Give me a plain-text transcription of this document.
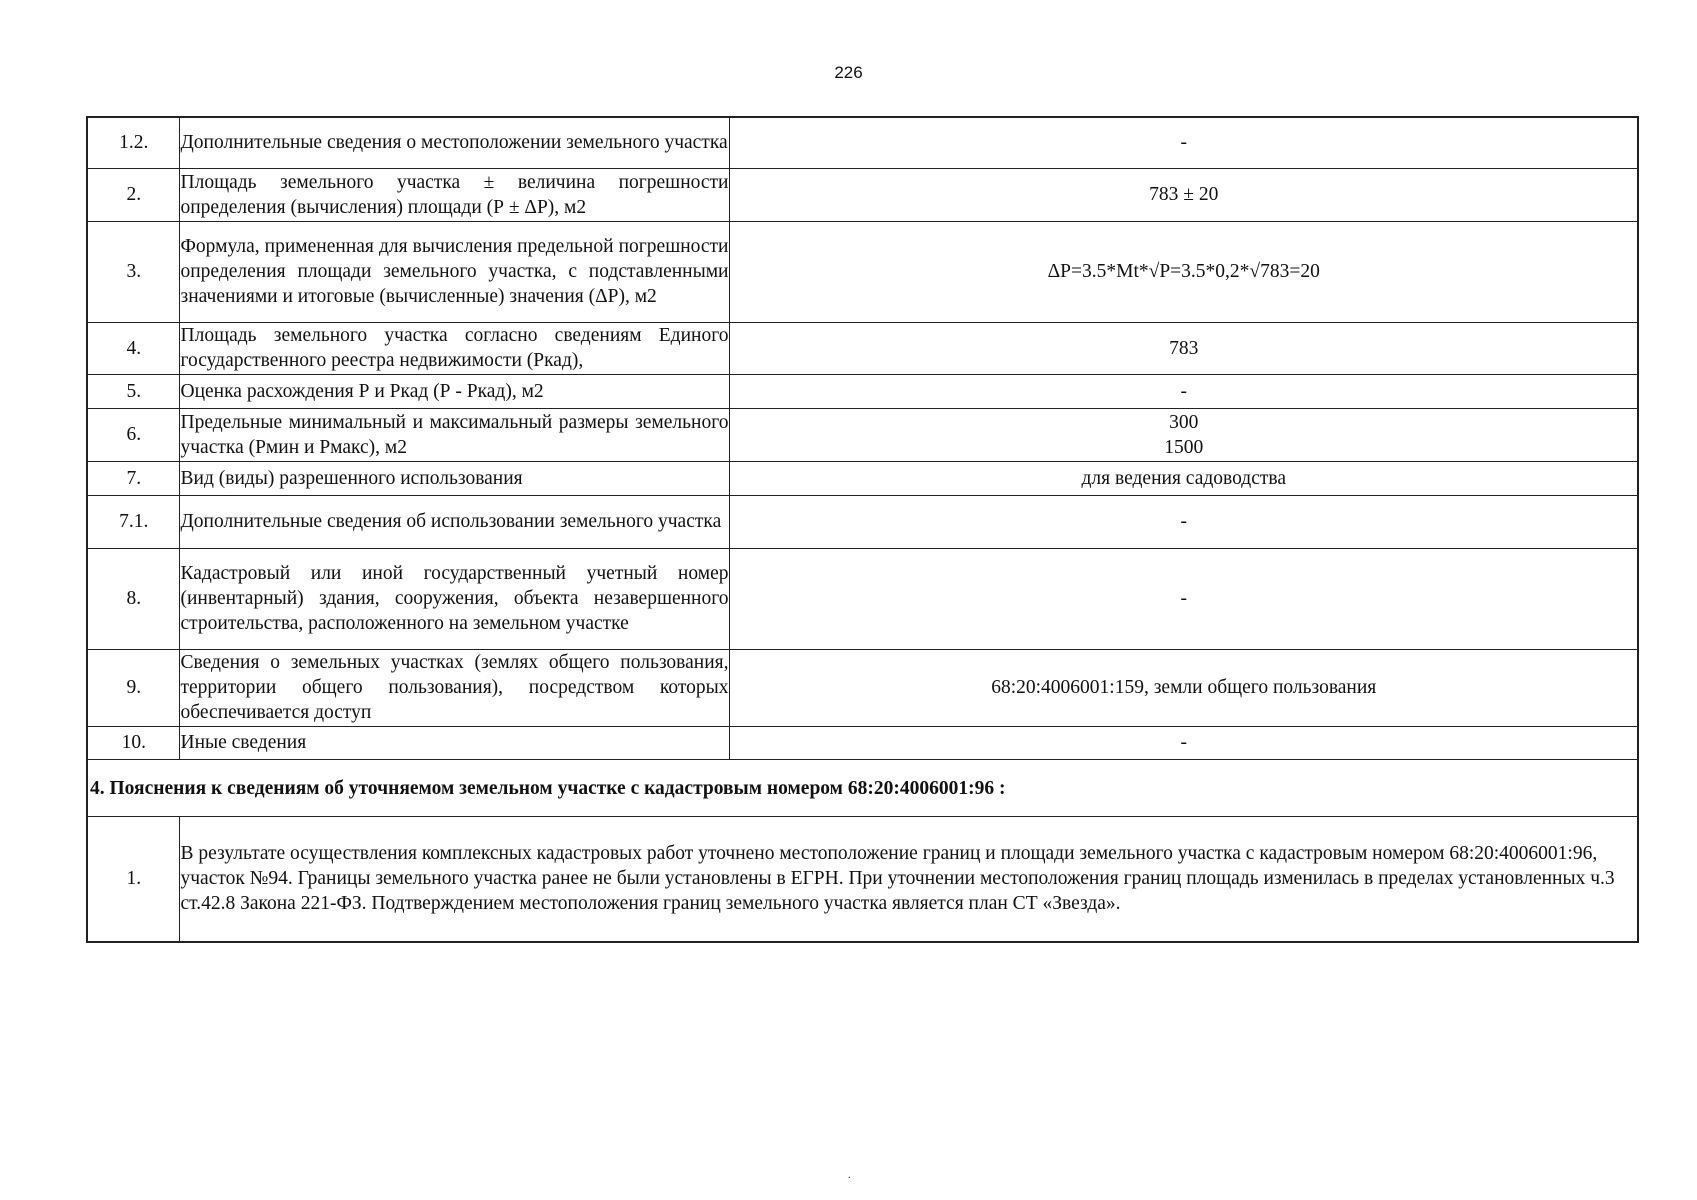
226
1.2.	Дополнительные сведения о местоположении земельного участка	-

2.	Площадь земельного участка ± величина погрешности определения (вычисления) площади (Р ± ΔР), м2	783 ± 20

3.	Формула, примененная для вычисления предельной погрешности определения площади земельного участка, с подставленными значениями и итоговые (вычисленные) значения (ΔР), м2	ΔР=3.5*Mt*√Р=3.5*0,2*√783=20

4.	Площадь земельного участка согласно сведениям Единого государственного реестра недвижимости (Ркад),	783

5.	Оценка расхождения Р и Ркад (Р - Ркад), м2	-

6.	Предельные минимальный и максимальный размеры земельного участка (Рмин и Рмакс), м2	300
1500

7.	Вид (виды) разрешенного использования	для ведения садоводства

7.1.	Дополнительные сведения об использовании земельного участка	-

8.	Кадастровый или иной государственный учетный номер (инвентарный) здания, сооружения, объекта незавершенного строительства, расположенного на земельном участке	-

9.	Сведения о земельных участках (землях общего пользования, территории общего пользования), посредством которых обеспечивается доступ	68:20:4006001:159, земли общего пользования

10.	Иные сведения	-

4. Пояснения к сведениям об уточняемом земельном участке с кадастровым номером 68:20:4006001:96 :		
1.	В результате осуществления комплексных кадастровых работ уточнено местоположение границ и площади земельного участка с кадастровым номером 68:20:4006001:96, участок №94. Границы земельного участка ранее не были установлены в ЕГРН. При уточнении местоположения границ площадь изменилась в пределах установленных ч.3 ст.42.8 Закона 221-ФЗ. Подтверждением местоположения границ земельного участка является план СТ «Звезда».	
.
